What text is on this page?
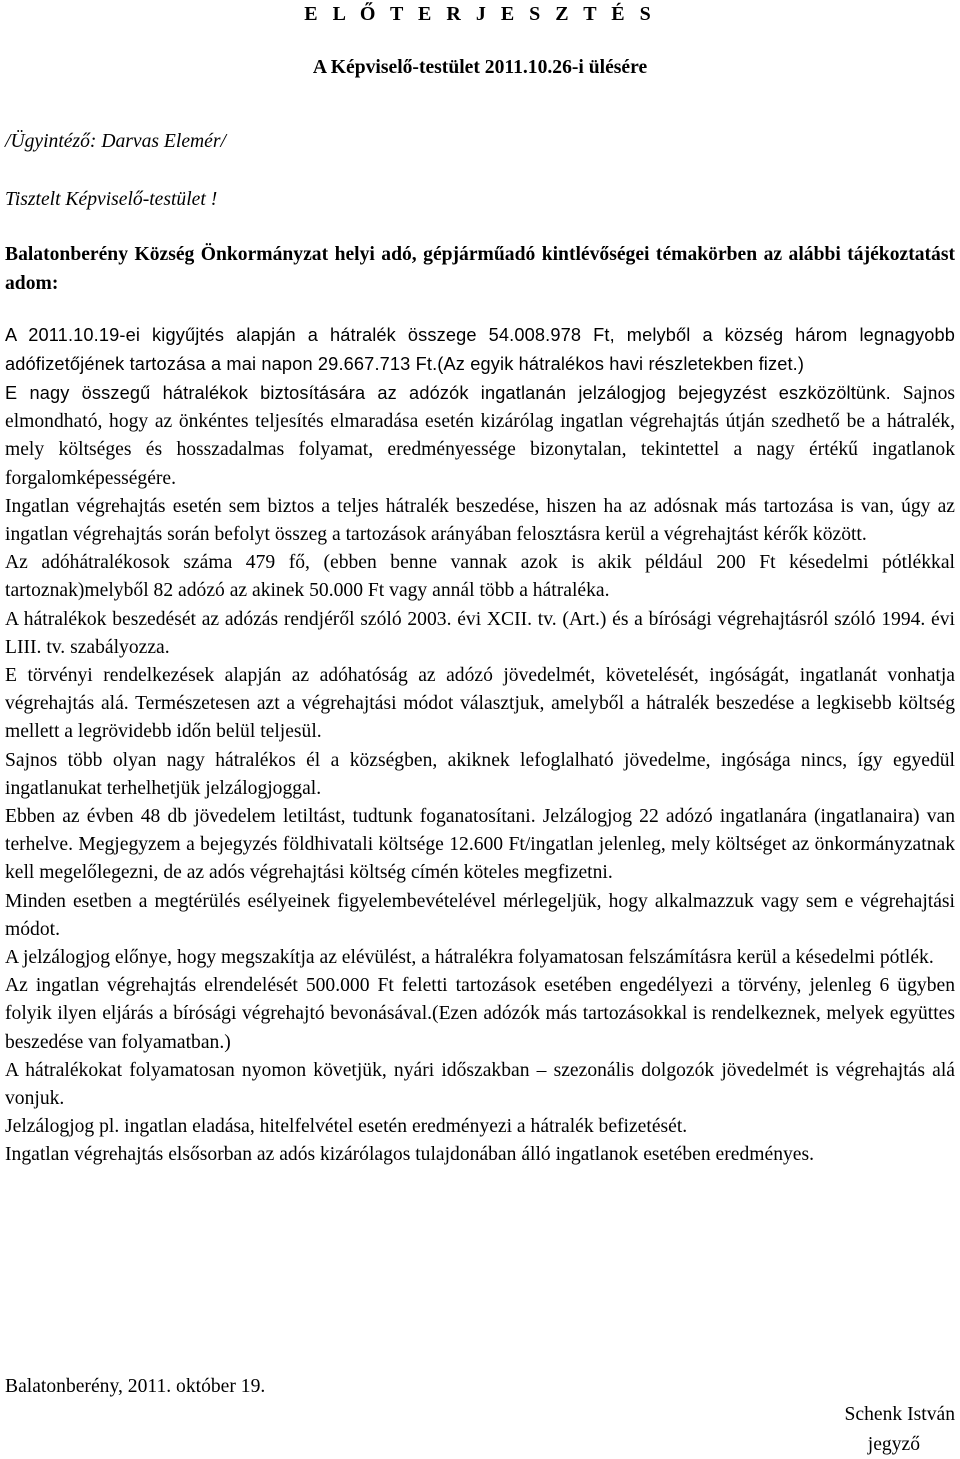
E L Ő T E R J E S Z T É S
A Képviselő-testület 2011.10.26-i ülésére
/Ügyintéző: Darvas Elemér/
Tisztelt Képviselő-testület !
Balatonberény Község Önkormányzat helyi adó, gépjárműadó kintlévőségei témakörben az alábbi tájékoztatást adom:

A 2011.10.19-ei kigyűjtés alapján a hátralék összege 54.008.978 Ft, melyből a község három legnagyobb adófizetőjének tartozása a mai napon 29.667.713 Ft.(Az egyik hátralékos havi részletekben fizet.)

E nagy összegű hátralékok biztosítására az adózók ingatlanán jelzálogjog bejegyzést eszközöltünk. Sajnos elmondható, hogy az önkéntes teljesítés elmaradása esetén kizárólag ingatlan végrehajtás útján szedhető be a hátralék, mely költséges és hosszadalmas folyamat, eredményessége bizonytalan, tekintettel a nagy értékű ingatlanok forgalomképességére.

Ingatlan végrehajtás esetén sem biztos a teljes hátralék beszedése, hiszen ha az adósnak más tartozása is van, úgy az ingatlan végrehajtás során befolyt összeg a tartozások arányában felosztásra kerül a végrehajtást kérők között.

Az adóhátralékosok száma 479 fő, (ebben benne vannak azok is akik például 200 Ft késedelmi pótlékkal tartoznak)melyből 82 adózó az akinek 50.000 Ft vagy annál több a hátraléka.

A hátralékok beszedését az adózás rendjéről szóló 2003. évi XCII. tv. (Art.) és a bírósági végrehajtásról szóló 1994. évi LIII. tv. szabályozza.

E törvényi rendelkezések alapján az adóhatóság az adózó jövedelmét, követelését, ingóságát, ingatlanát vonhatja végrehajtás alá. Természetesen azt a végrehajtási módot választjuk, amelyből a hátralék beszedése a legkisebb költség mellett a legrövidebb időn belül teljesül.

Sajnos több olyan nagy hátralékos él a községben, akiknek lefoglalható jövedelme, ingósága nincs, így egyedül ingatlanukat terhelhetjük jelzálogjoggal.

Ebben az évben 48 db jövedelem letiltást, tudtunk foganatosítani. Jelzálogjog 22 adózó ingatlanára (ingatlanaira) van terhelve. Megjegyzem a bejegyzés földhivatali költsége 12.600 Ft/ingatlan jelenleg, mely költséget az önkormányzatnak kell megelőlegezni, de az adós végrehajtási költség címén köteles megfizetni.

Minden esetben a megtérülés esélyeinek figyelembevételével mérlegeljük, hogy alkalmazzuk vagy sem e végrehajtási módot.

A jelzálogjog előnye, hogy megszakítja az elévülést, a hátralékra folyamatosan felszámításra kerül a késedelmi pótlék.

Az ingatlan végrehajtás elrendelését 500.000 Ft feletti tartozások esetében engedélyezi a törvény, jelenleg 6 ügyben folyik ilyen eljárás a bírósági végrehajtó bevonásával.(Ezen adózók más tartozásokkal is rendelkeznek, melyek együttes beszedése van folyamatban.)

A hátralékokat folyamatosan nyomon követjük, nyári időszakban – szezonális dolgozók jövedelmét is végrehajtás alá vonjuk.

Jelzálogjog pl. ingatlan eladása, hitelfelvétel esetén eredményezi a hátralék befizetését.

Ingatlan végrehajtás elsősorban az adós kizárólagos tulajdonában álló ingatlanok esetében eredményes.

Balatonberény, 2011. október 19.
Schenk István
jegyző
